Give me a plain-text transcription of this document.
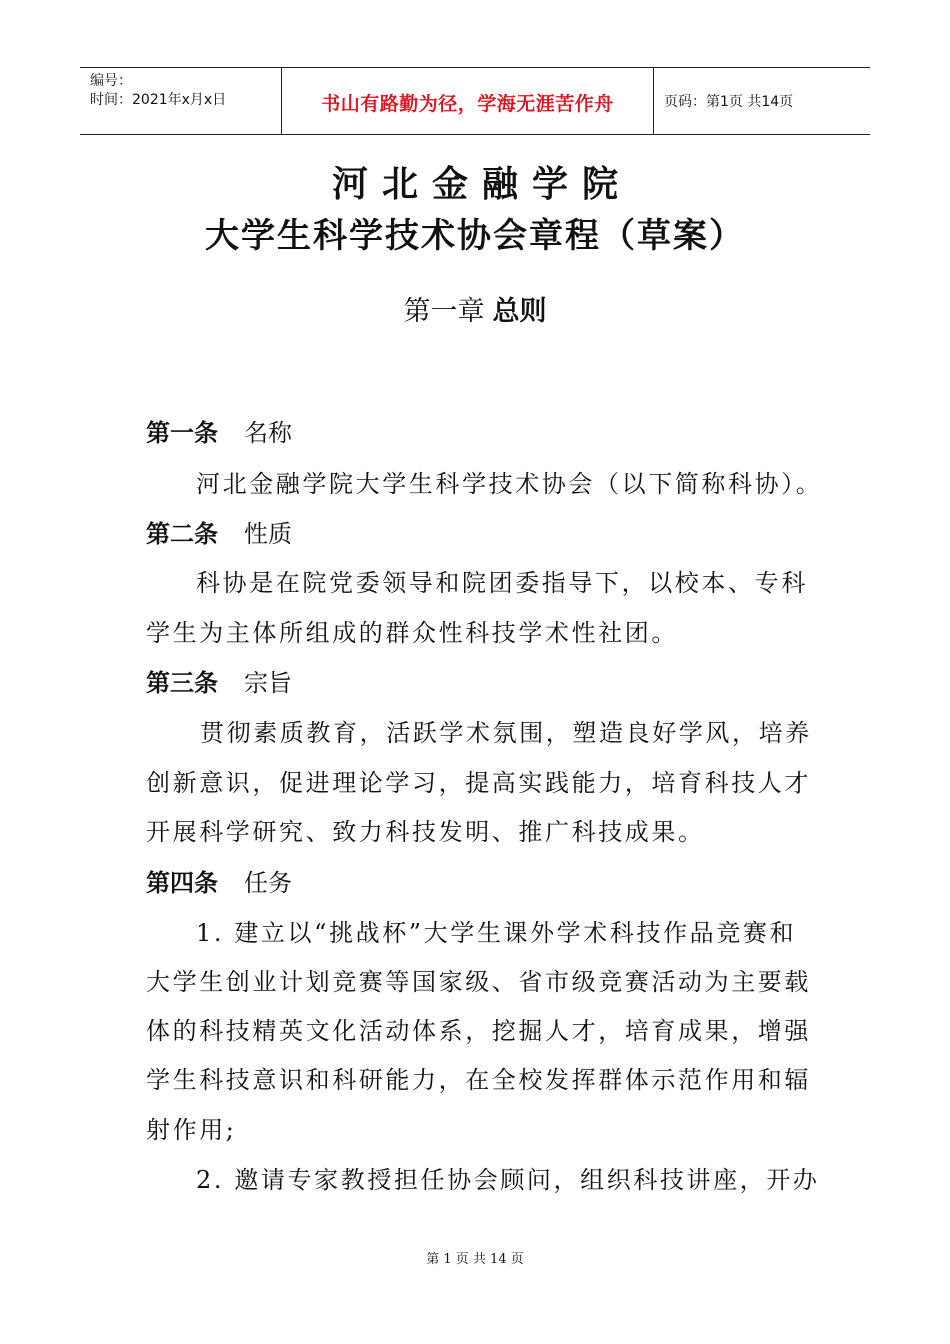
编号：
时间：2021年x月x日	书山有路勤为径，学海无涯苦作舟	页码：第1页 共14页
河北金融学院
大学生科学技术协会章程（草案）
第一章 总则
第一条 名称
河北金融学院大学生科学技术协会（以下简称科协）。
第二条 性质
科协是在院党委领导和院团委指导下，以校本、专科
学生为主体所组成的群众性科技学术性社团。
第三条 宗旨
贯彻素质教育，活跃学术氛围，塑造良好学风，培养
创新意识，促进理论学习，提高实践能力，培育科技人才
开展科学研究、致力科技发明、推广科技成果。
第四条 任务
1. 建立以“挑战杯”大学生课外学术科技作品竞赛和
大学生创业计划竞赛等国家级、省市级竞赛活动为主要载
体的科技精英文化活动体系，挖掘人才，培育成果，增强
学生科技意识和科研能力，在全校发挥群体示范作用和辐
射作用;
2. 邀请专家教授担任协会顾问，组织科技讲座，开办
第 1 页 共 14 页
